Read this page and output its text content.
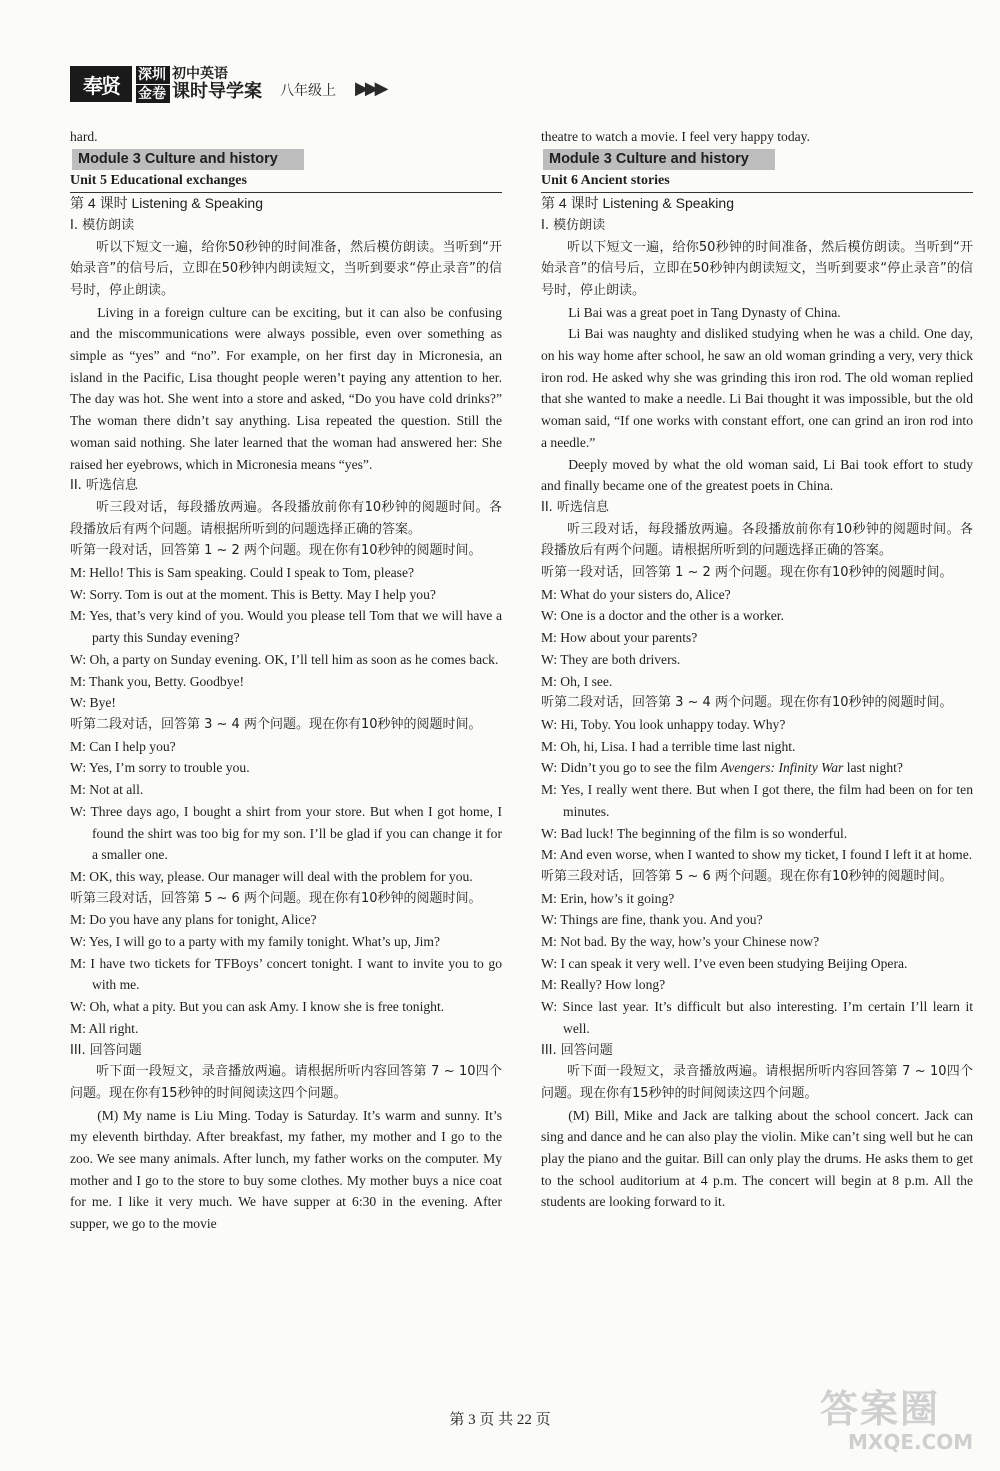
奉贤	深圳
金卷
初中英语
课时导学案 八年级上 ▶▶▶

hard.

Module 3 Culture and history

Unit 5 Educational exchanges

第 4 课时 Listening & Speaking

I. 模仿朗读

听以下短文一遍，给你50秒钟的时间准备，然后模仿朗读。当听到“开始录音”的信号后，立即在50秒钟内朗读短文，当听到要求“停止录音”的信号时，停止朗读。

Living in a foreign culture can be exciting, but it can also be confusing and the miscommunications were always possible, even over something as simple as “yes” and “no”. For example, on her first day in Micronesia, an island in the Pacific, Lisa thought people weren’t paying any attention to her. The day was hot. She went into a store and asked, “Do you have cold drinks?” The woman there didn’t say anything. Lisa repeated the question. Still the woman said nothing. She later learned that the woman had answered her: She raised her eyebrows, which in Micronesia means “yes”.

II. 听选信息

听三段对话，每段播放两遍。各段播放前你有10秒钟的阅题时间。各段播放后有两个问题。请根据所听到的问题选择正确的答案。

听第一段对话，回答第 1 ~ 2 两个问题。现在你有10秒钟的阅题时间。

M: Hello! This is Sam speaking. Could I speak to Tom, please?

W: Sorry. Tom is out at the moment. This is Betty. May I help you?

M: Yes, that’s very kind of you. Would you please tell Tom that we will have a party this Sunday evening?

W: Oh, a party on Sunday evening. OK, I’ll tell him as soon as he comes back.

M: Thank you, Betty. Goodbye!

W: Bye!

听第二段对话，回答第 3 ~ 4 两个问题。现在你有10秒钟的阅题时间。

M: Can I help you?

W: Yes, I’m sorry to trouble you.

M: Not at all.

W: Three days ago, I bought a shirt from your store. But when I got home, I found the shirt was too big for my son. I’ll be glad if you can change it for a smaller one.

M: OK, this way, please. Our manager will deal with the problem for you.

听第三段对话，回答第 5 ~ 6 两个问题。现在你有10秒钟的阅题时间。

M: Do you have any plans for tonight, Alice?

W: Yes, I will go to a party with my family tonight. What’s up, Jim?

M: I have two tickets for TFBoys’ concert tonight. I want to invite you to go with me.

W: Oh, what a pity. But you can ask Amy. I know she is free tonight.

M: All right.

III. 回答问题

听下面一段短文，录音播放两遍。请根据所听内容回答第 7 ~ 10四个问题。现在你有15秒钟的时间阅读这四个问题。

(M) My name is Liu Ming. Today is Saturday. It’s warm and sunny. It’s my eleventh birthday. After breakfast, my father, my mother and I go to the zoo. We see many animals. After lunch, my father works on the computer. My mother and I go to the store to buy some clothes. My mother buys a nice coat for me. I like it very much. We have supper at 6:30 in the evening. After supper, we go to the movie

theatre to watch a movie. I feel very happy today.

Module 3 Culture and history

Unit 6 Ancient stories

第 4 课时 Listening & Speaking

I. 模仿朗读

听以下短文一遍，给你50秒钟的时间准备，然后模仿朗读。当听到“开始录音”的信号后，立即在50秒钟内朗读短文，当听到要求“停止录音”的信号时，停止朗读。

Li Bai was a great poet in Tang Dynasty of China.

Li Bai was naughty and disliked studying when he was a child. One day, on his way home after school, he saw an old woman grinding a very, very thick iron rod. He asked why she was grinding this iron rod. The old woman replied that she wanted to make a needle. Li Bai thought it was impossible, but the old woman said, “If one works with constant effort, one can grind an iron rod into a needle.”

Deeply moved by what the old woman said, Li Bai took effort to study and finally became one of the greatest poets in China.

II. 听选信息

听三段对话，每段播放两遍。各段播放前你有10秒钟的阅题时间。各段播放后有两个问题。请根据所听到的问题选择正确的答案。

听第一段对话，回答第 1 ~ 2 两个问题。现在你有10秒钟的阅题时间。

M: What do your sisters do, Alice?

W: One is a doctor and the other is a worker.

M: How about your parents?

W: They are both drivers.

M: Oh, I see.

听第二段对话，回答第 3 ~ 4 两个问题。现在你有10秒钟的阅题时间。

W: Hi, Toby. You look unhappy today. Why?

M: Oh, hi, Lisa. I had a terrible time last night.

W: Didn’t you go to see the film Avengers: Infinity War last night?

M: Yes, I really went there. But when I got there, the film had been on for ten minutes.

W: Bad luck! The beginning of the film is so wonderful.

M: And even worse, when I wanted to show my ticket, I found I left it at home.

听第三段对话，回答第 5 ~ 6 两个问题。现在你有10秒钟的阅题时间。

M: Erin, how’s it going?

W: Things are fine, thank you. And you?

M: Not bad. By the way, how’s your Chinese now?

W: I can speak it very well. I’ve even been studying Beijing Opera.

M: Really? How long?

W: Since last year. It’s difficult but also interesting. I’m certain I’ll learn it well.

III. 回答问题

听下面一段短文，录音播放两遍。请根据所听内容回答第 7 ~ 10四个问题。现在你有15秒钟的时间阅读这四个问题。

(M) Bill, Mike and Jack are talking about the school concert. Jack can sing and dance and he can also play the violin. Mike can’t sing well but he can play the piano and the guitar. Bill can only play the drums. He asks them to get to the school auditorium at 4 p.m. The concert will begin at 8 p.m. All the students are looking forward to it.

第 3 页 共 22 页	答案圈
MXQE.COM
